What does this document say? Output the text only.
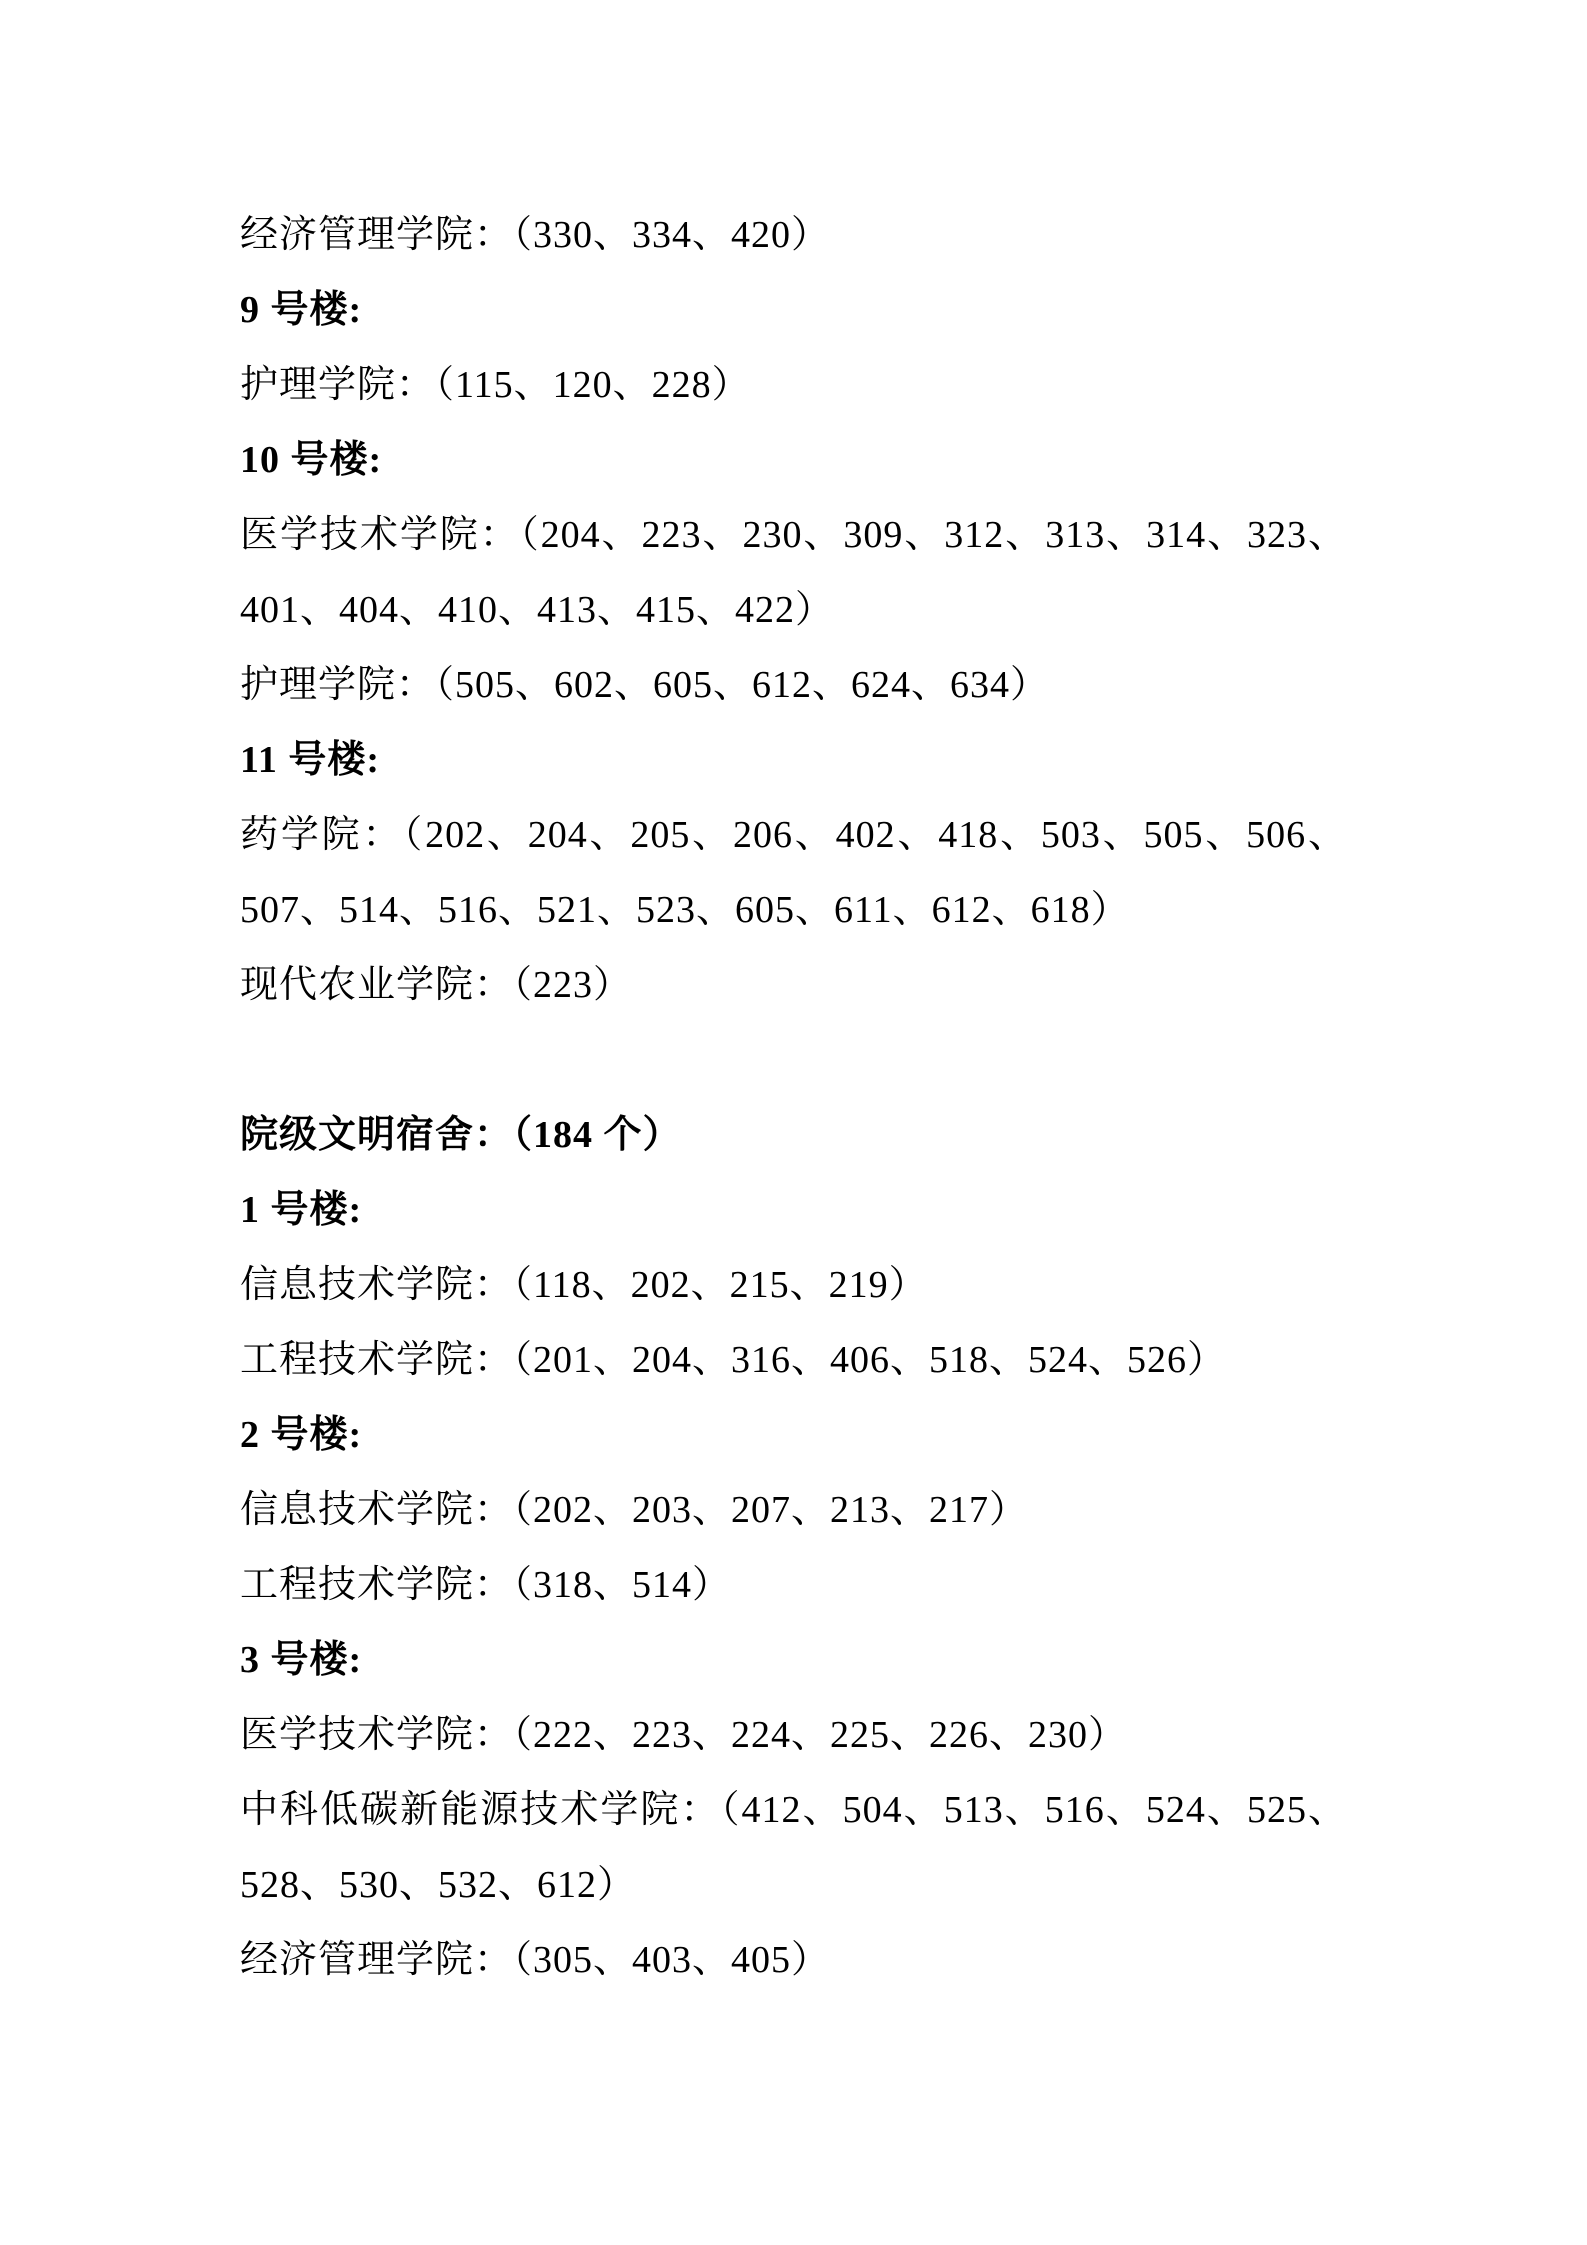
经济管理学院：（330、334、420）
9 号楼:
护理学院：（115、120、228）
10 号楼:
医学技术学院：（204、223、230、309、312、313、314、323、
401、404、410、413、415、422）
护理学院：（505、602、605、612、624、634）
11 号楼:
药学院：（202、204、205、206、402、418、503、505、506、
507、514、516、521、523、605、611、612、618）
现代农业学院：（223）
院级文明宿舍：（184 个）
1 号楼:
信息技术学院：（118、202、215、219）
工程技术学院：（201、204、316、406、518、524、526）
2 号楼:
信息技术学院：（202、203、207、213、217）
工程技术学院：（318、514）
3 号楼:
医学技术学院：（222、223、224、225、226、230）
中科低碳新能源技术学院：（412、504、513、516、524、525、
528、530、532、612）
经济管理学院：（305、403、405）
